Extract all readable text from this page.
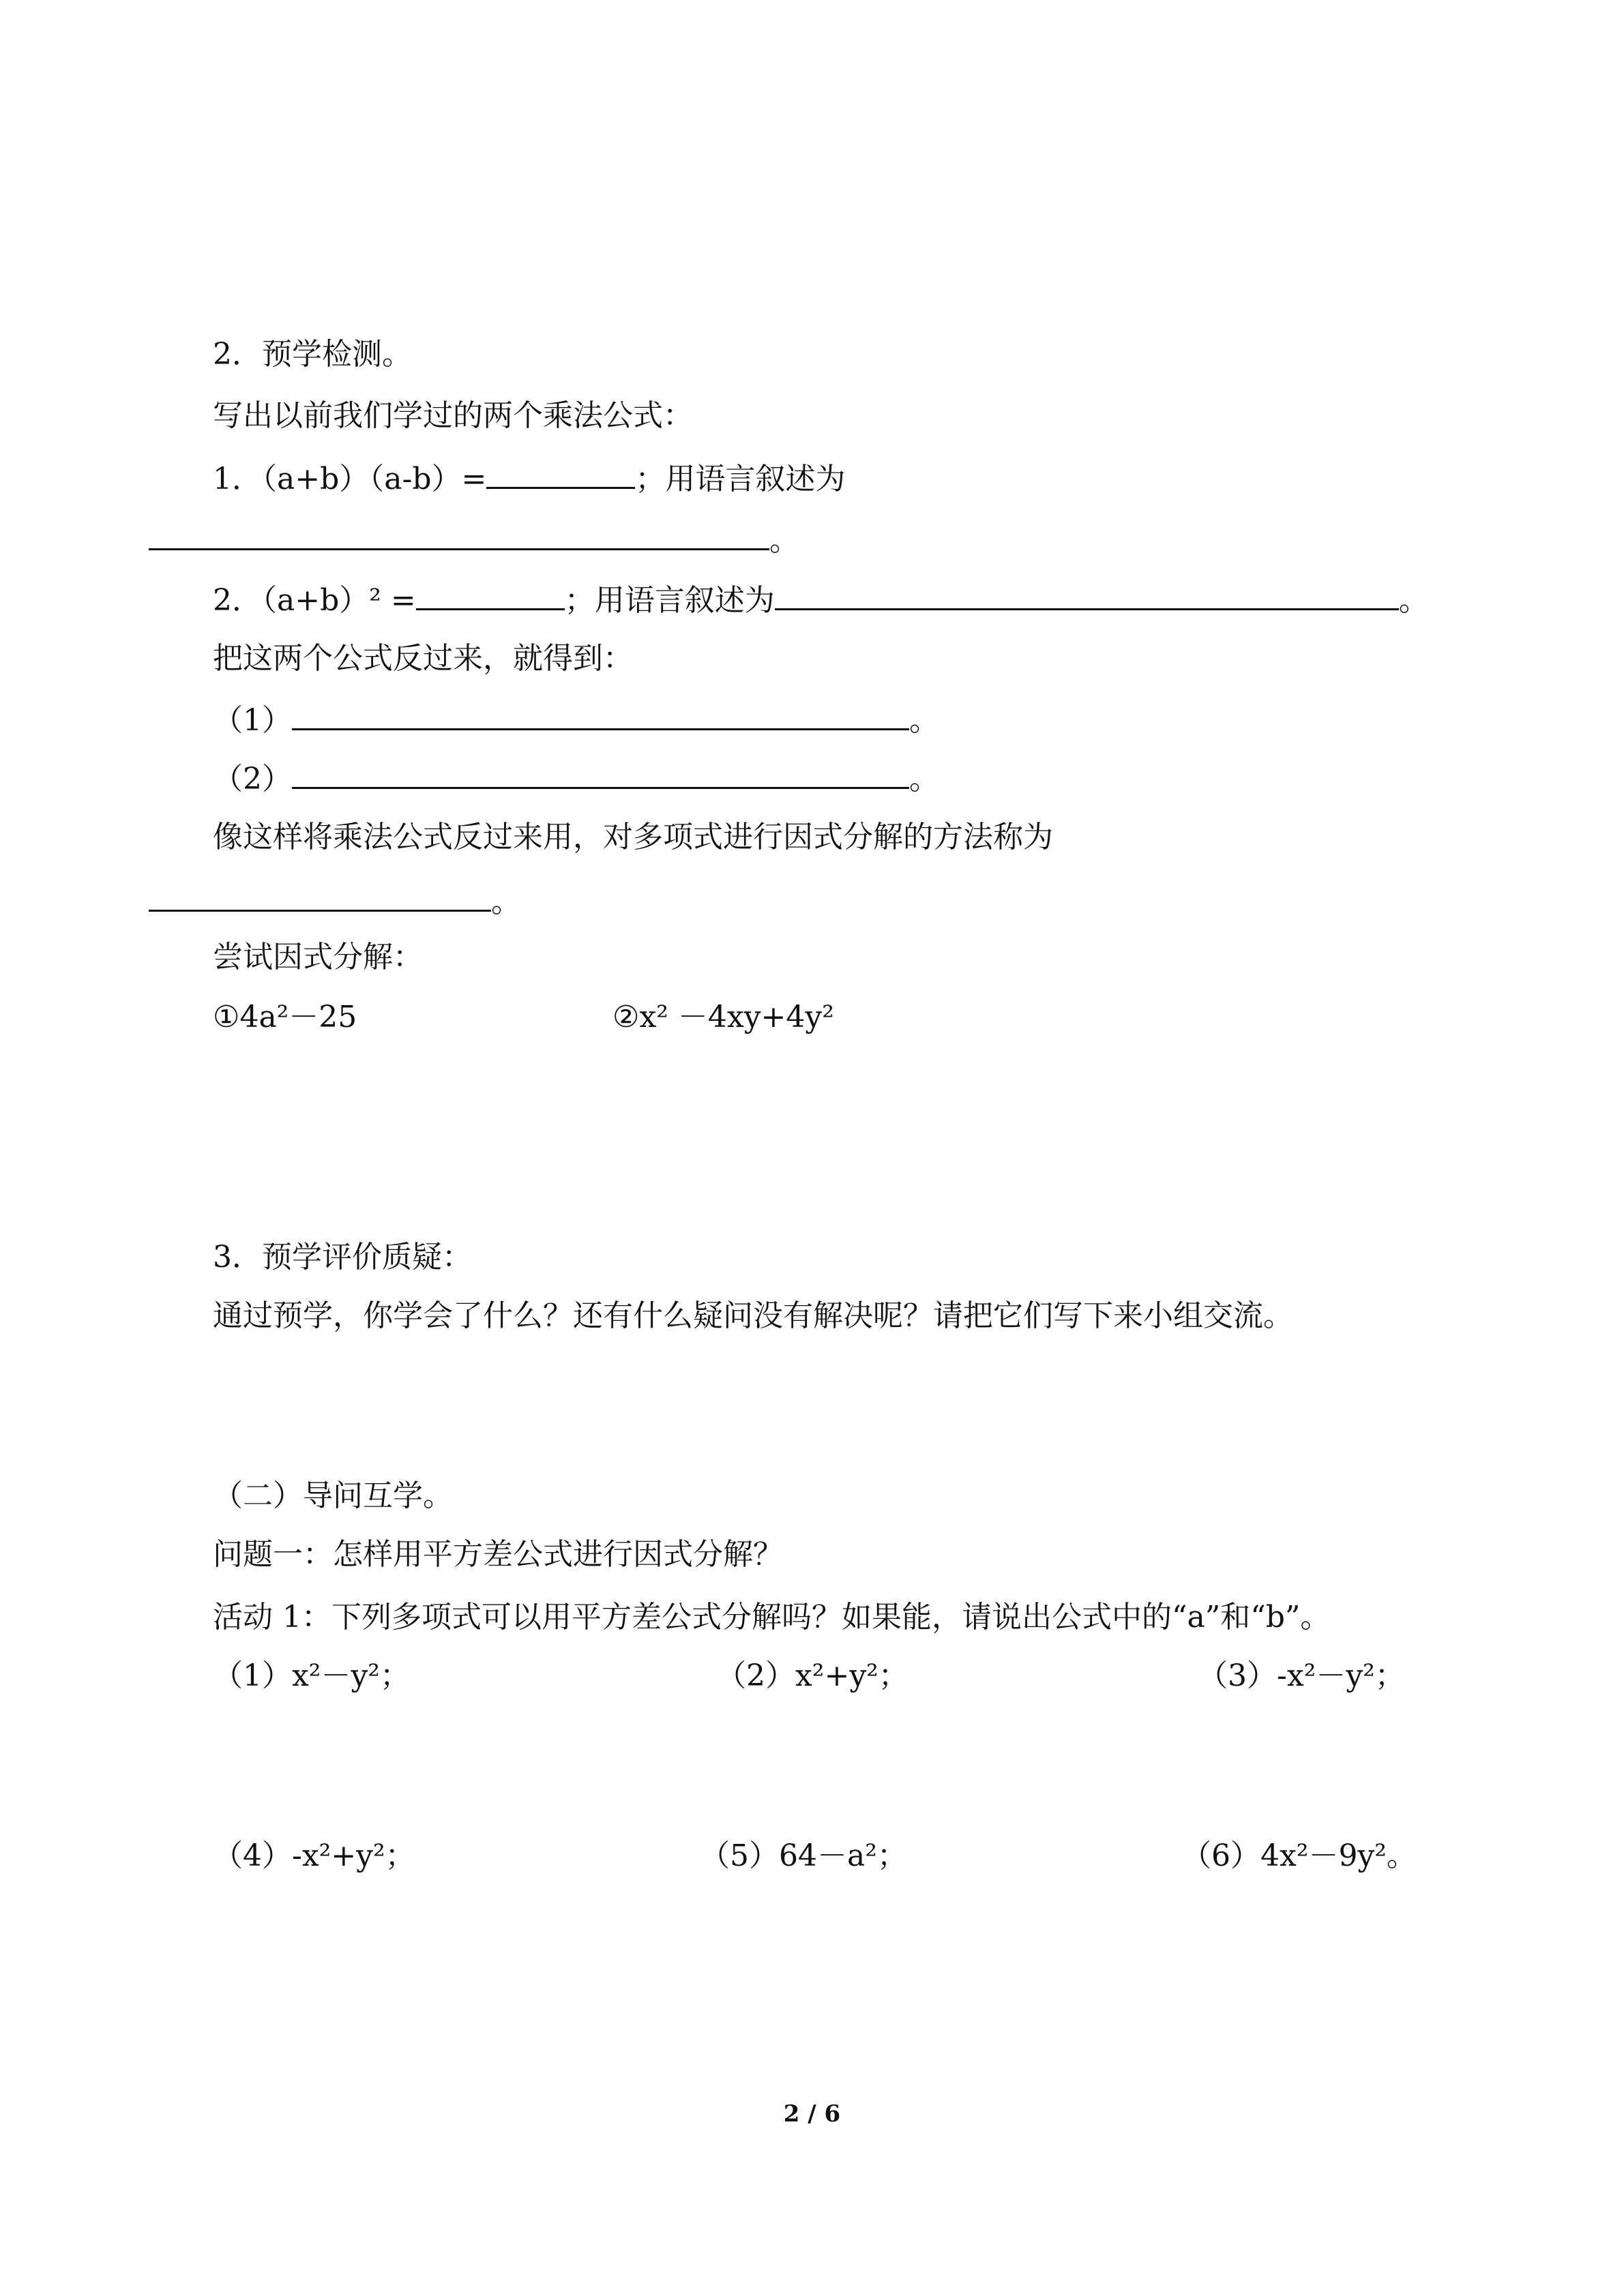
2．预学检测。
写出以前我们学过的两个乘法公式：
1．（a+b）（a-b）=	；用语言叙述为
。
2．（a+b）² =	；用语言叙述为	。
把这两个公式反过来，就得到：
（1）	。
（2）	。
像这样将乘法公式反过来用，对多项式进行因式分解的方法称为
。
尝试因式分解：
①4a²－25	②x² －4xy+4y²
3．预学评价质疑：
通过预学，你学会了什么？还有什么疑问没有解决呢？请把它们写下来小组交流。
（二）导问互学。
问题一：怎样用平方差公式进行因式分解？
活动 1：下列多项式可以用平方差公式分解吗？如果能，请说出公式中的“a”和“b”。
（1）x²－y²；	（2）x²+y²；	（3）-x²－y²；
（4）-x²+y²；	（5）64－a²；	（6）4x²－9y²。
2 / 6
